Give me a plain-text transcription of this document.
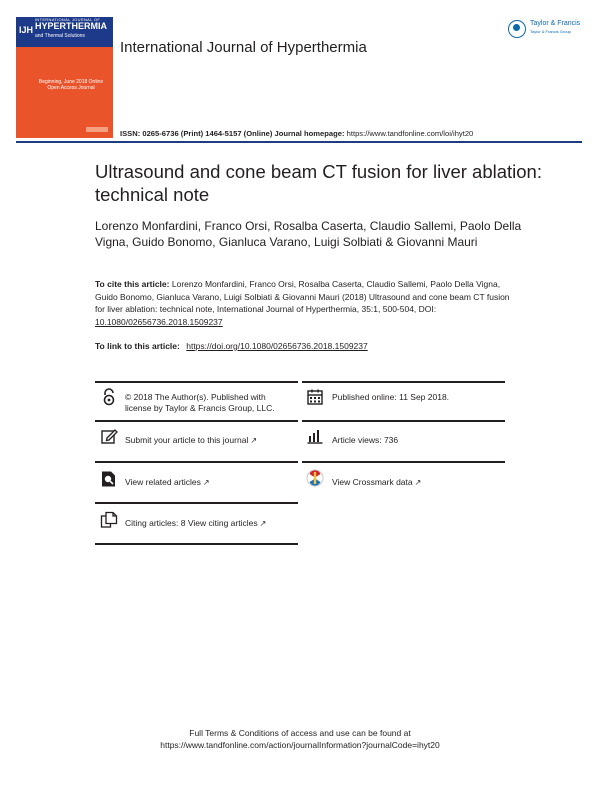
INTERNATIONAL JOURNAL OF
IJH HYPERTHERMIA
and Thermal Solutions
Beginning, June 2018 Online Open Access Journal
International Journal of Hyperthermia
Taylor & Francis
Taylor & Francis Group
ISSN: 0265-6736 (Print) 1464-5157 (Online) Journal homepage: https://www.tandfonline.com/loi/ihyt20
Ultrasound and cone beam CT fusion for liver ablation: technical note
Lorenzo Monfardini, Franco Orsi, Rosalba Caserta, Claudio Sallemi, Paolo Della Vigna, Guido Bonomo, Gianluca Varano, Luigi Solbiati & Giovanni Mauri
To cite this article: Lorenzo Monfardini, Franco Orsi, Rosalba Caserta, Claudio Sallemi, Paolo Della Vigna, Guido Bonomo, Gianluca Varano, Luigi Solbiati & Giovanni Mauri (2018) Ultrasound and cone beam CT fusion for liver ablation: technical note, International Journal of Hyperthermia, 35:1, 500-504, DOI: 10.1080/02656736.2018.1509237
To link to this article: https://doi.org/10.1080/02656736.2018.1509237
© 2018 The Author(s). Published with
license by Taylor & Francis Group, LLC.
Published online: 11 Sep 2018.
Submit your article to this journal ↗	Article views: 736
View related articles ↗	View Crossmark data ↗
Citing articles: 8 View citing articles ↗
Full Terms & Conditions of access and use can be found at
https://www.tandfonline.com/action/journalInformation?journalCode=ihyt20
